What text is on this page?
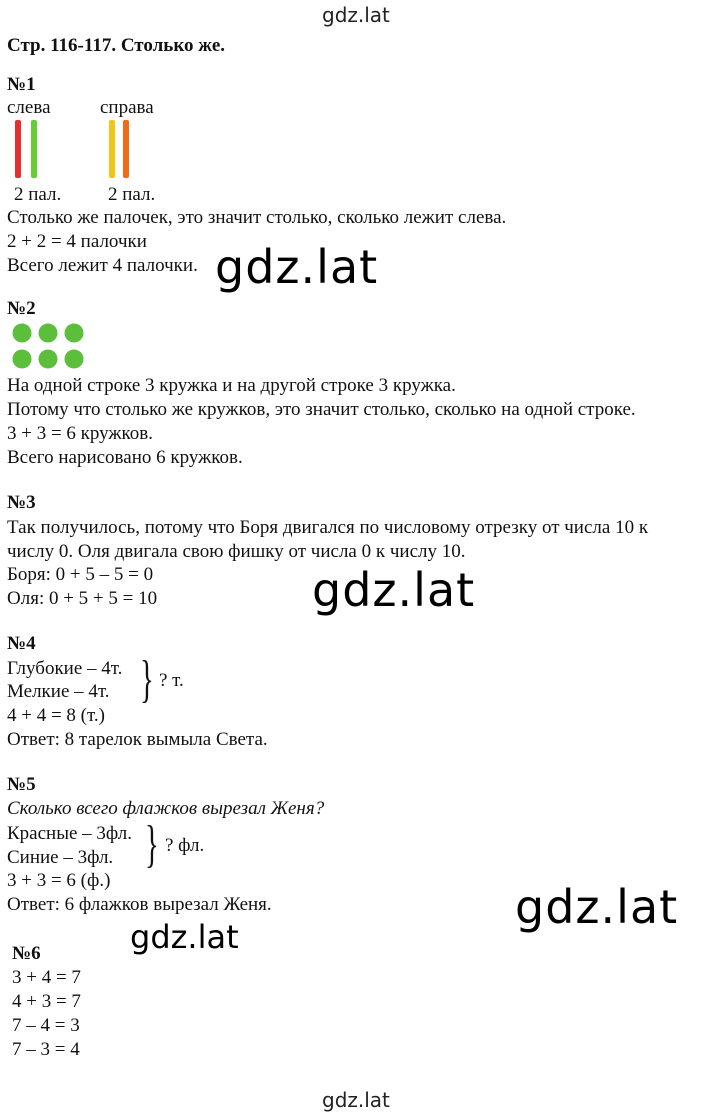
gdz.lat
Стр. 116-117. Столько же.
№1
слева	справа
2 пал. 2 пал.
Столько же палочек, это значит столько, сколько лежит слева.
2 + 2 = 4 палочки
Всего лежит 4 палочки. gdz.lat
№2
На одной строке 3 кружка и на другой строке 3 кружка.
Потому что столько же кружков, это значит столько, сколько на одной строке.
3 + 3 = 6 кружков.
Всего нарисовано 6 кружков.
№3
Так получилось, потому что Боря двигался по числовому отрезку от числа 10 к
числу 0. Оля двигала свою фишку от числа 0 к числу 10.
Боря: 0 + 5 – 5 = 0
Оля: 0 + 5 + 5 = 10	gdz.lat
№4
Глубокие – 4т.
Мелкие – 4т. } ? т.
4 + 4 = 8 (т.)
Ответ: 8 тарелок вымыла Света.
№5
Сколько всего флажков вырезал Женя?
Красные – 3фл.
Синие – 3фл. } ? фл.
3 + 3 = 6 (ф.)
Ответ: 6 флажков вырезал Женя.	gdz.lat
№6	gdz.lat
3 + 4 = 7
4 + 3 = 7
7 – 4 = 3
7 – 3 = 4
gdz.lat
